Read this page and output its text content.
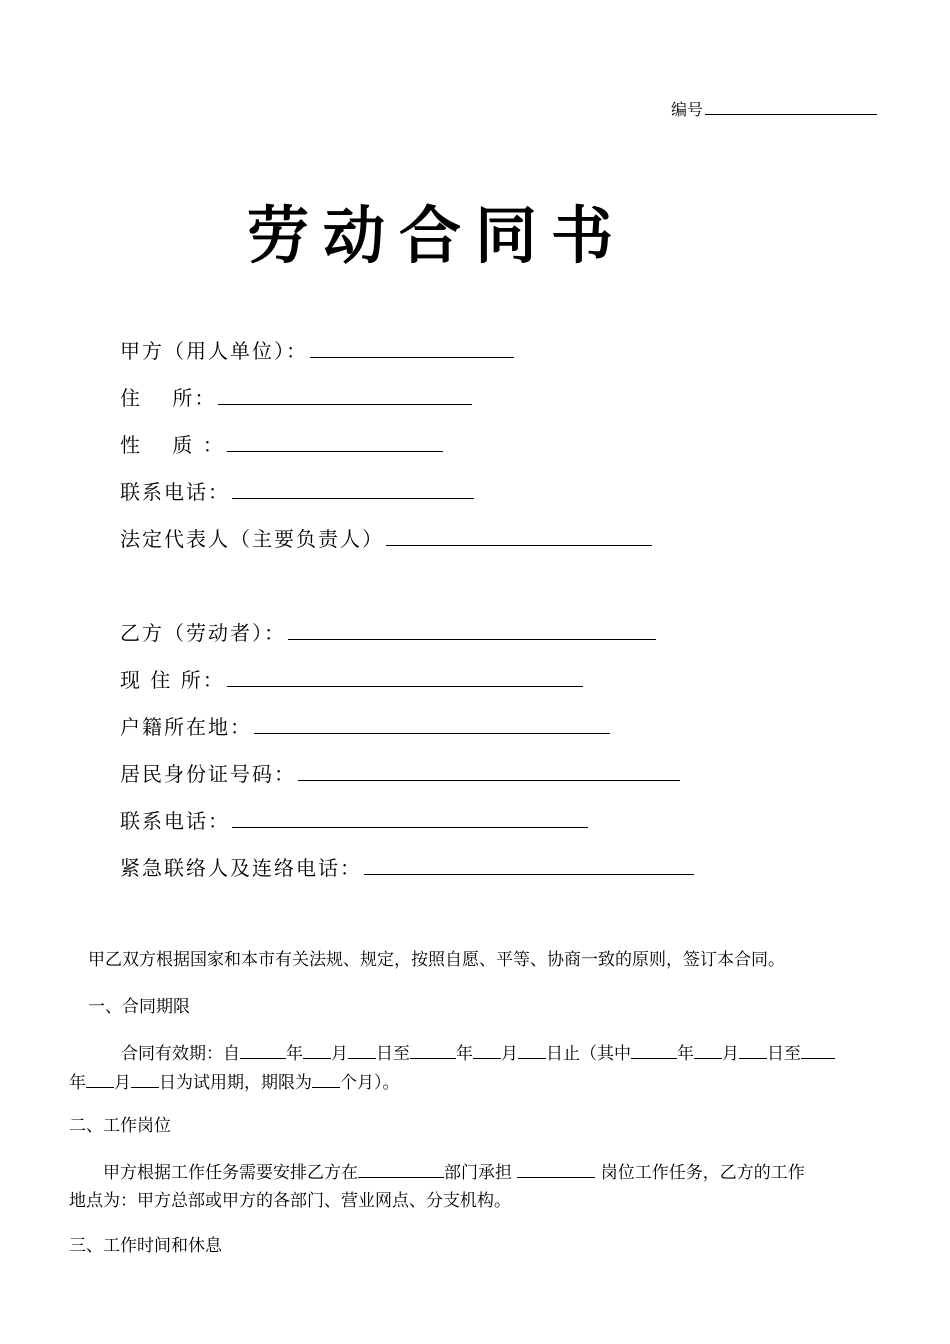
编号
劳动合同书
甲方（用人单位）：
住　 所：
性　 质 ：
联系电话：
法定代表人（主要负责人）
乙方（劳动者）：
现 住 所：
户籍所在地：
居民身份证号码：
联系电话：
紧急联络人及连络电话：
甲乙双方根据国家和本市有关法规、规定，按照自愿、平等、协商一致的原则，签订本合同。
一、合同期限
合同有效期：自	年 月 日至	年 月 日止（其中	年 月 日至
年 月 日为试用期，期限为 个月）。
二、工作岗位
甲方根据工作任务需要安排乙方在	部门承担	岗位工作任务，乙方的工作
地点为：甲方总部或甲方的各部门、营业网点、分支机构。
三、工作时间和休息
